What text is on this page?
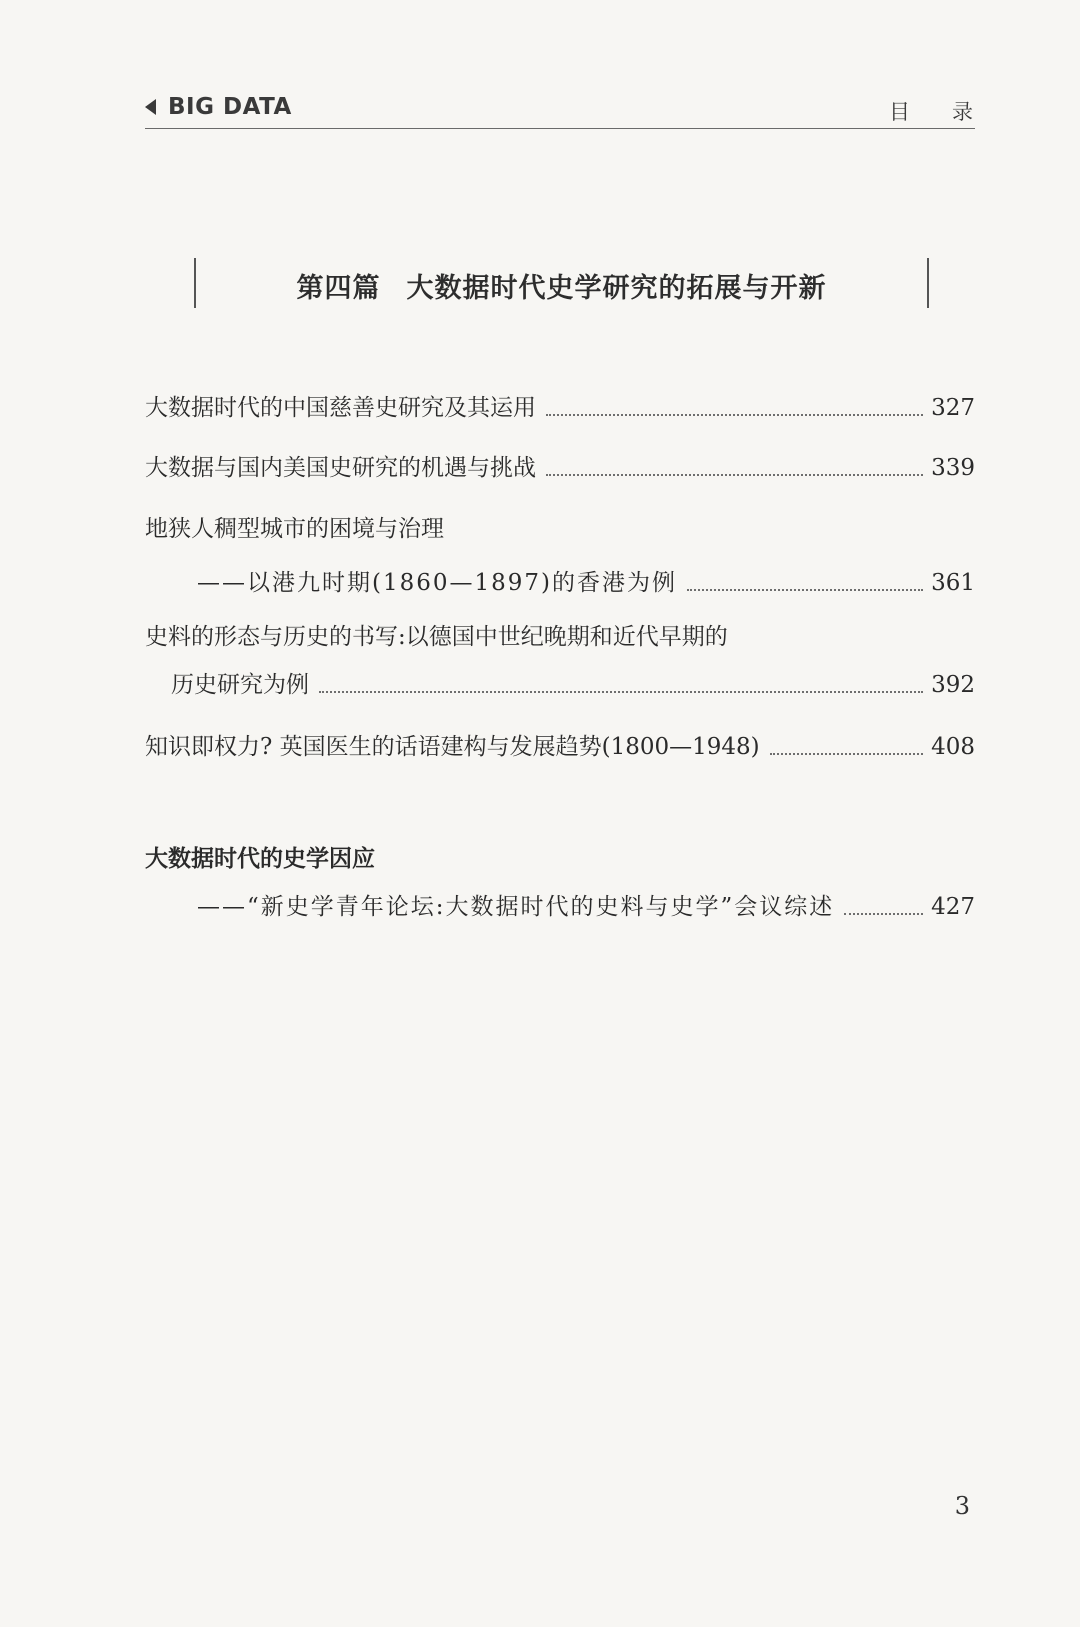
BIG DATA	目录
第四篇 大数据时代史学研究的拓展与开新
大数据时代的中国慈善史研究及其运用	327
大数据与国内美国史研究的机遇与挑战	339
地狭人稠型城市的困境与治理
——以港九时期(1860—1897)的香港为例	361
史料的形态与历史的书写:以德国中世纪晚期和近代早期的
历史研究为例	392
知识即权力? 英国医生的话语建构与发展趋势(1800—1948)	408
大数据时代的史学因应
——“新史学青年论坛:大数据时代的史料与史学”会议综述	427
3
